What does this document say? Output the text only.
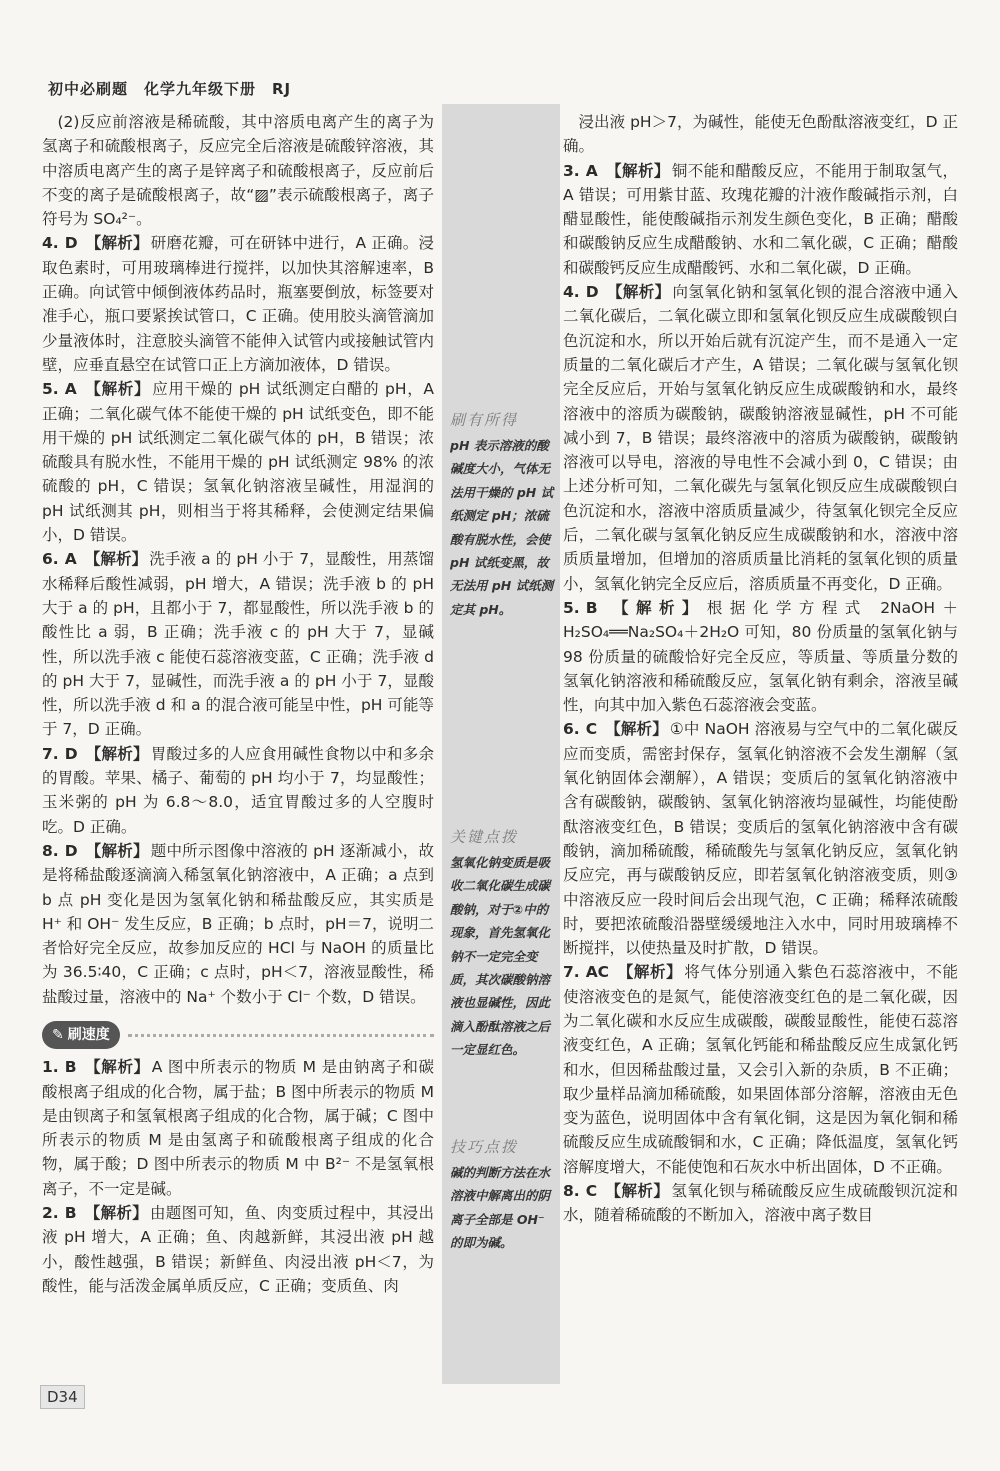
初中必刷题　化学九年级下册　RJ

(2)反应前溶液是稀硫酸，其中溶质电离产生的离子为氢离子和硫酸根离子，反应完全后溶液是硫酸锌溶液，其中溶质电离产生的离子是锌离子和硫酸根离子，反应前后不变的离子是硫酸根离子，故“▨”表示硫酸根离子，离子符号为 SO₄²⁻。

4. D 【解析】 研磨花瓣，可在研钵中进行，A 正确。浸取色素时，可用玻璃棒进行搅拌，以加快其溶解速率，B 正确。向试管中倾倒液体药品时，瓶塞要倒放，标签要对准手心，瓶口要紧挨试管口，C 正确。使用胶头滴管滴加少量液体时，注意胶头滴管不能伸入试管内或接触试管内壁，应垂直悬空在试管口正上方滴加液体，D 错误。

5. A 【解析】 应用干燥的 pH 试纸测定白醋的 pH，A 正确；二氧化碳气体不能使干燥的 pH 试纸变色，即不能用干燥的 pH 试纸测定二氧化碳气体的 pH，B 错误；浓硫酸具有脱水性，不能用干燥的 pH 试纸测定 98% 的浓硫酸的 pH，C 错误；氢氧化钠溶液呈碱性，用湿润的 pH 试纸测其 pH，则相当于将其稀释，会使测定结果偏小，D 错误。

6. A 【解析】 洗手液 a 的 pH 小于 7，显酸性，用蒸馏水稀释后酸性减弱，pH 增大，A 错误；洗手液 b 的 pH 大于 a 的 pH，且都小于 7，都显酸性，所以洗手液 b 的酸性比 a 弱，B 正确；洗手液 c 的 pH 大于 7，显碱性，所以洗手液 c 能使石蕊溶液变蓝，C 正确；洗手液 d 的 pH 大于 7，显碱性，而洗手液 a 的 pH 小于 7，显酸性，所以洗手液 d 和 a 的混合液可能呈中性，pH 可能等于 7，D 正确。

7. D 【解析】 胃酸过多的人应食用碱性食物以中和多余的胃酸。苹果、橘子、葡萄的 pH 均小于 7，均显酸性；玉米粥的 pH 为 6.8～8.0，适宜胃酸过多的人空腹时吃。D 正确。

8. D 【解析】 题中所示图像中溶液的 pH 逐渐减小，故是将稀盐酸逐滴滴入稀氢氧化钠溶液中，A 正确；a 点到 b 点 pH 变化是因为氢氧化钠和稀盐酸反应，其实质是 H⁺ 和 OH⁻ 发生反应，B 正确；b 点时，pH＝7，说明二者恰好完全反应，故参加反应的 HCl 与 NaOH 的质量比为 36.5∶40，C 正确；c 点时，pH＜7，溶液显酸性，稀盐酸过量，溶液中的 Na⁺ 个数小于 Cl⁻ 个数，D 错误。

✎ 刷速度

1. B 【解析】 A 图中所表示的物质 M 是由钠离子和碳酸根离子组成的化合物，属于盐；B 图中所表示的物质 M 是由钡离子和氢氧根离子组成的化合物，属于碱；C 图中所表示的物质 M 是由氢离子和硫酸根离子组成的化合物，属于酸；D 图中所表示的物质 M 中 B²⁻ 不是氢氧根离子，不一定是碱。

2. B 【解析】 由题图可知，鱼、肉变质过程中，其浸出液 pH 增大，A 正确；鱼、肉越新鲜，其浸出液 pH 越小，酸性越强，B 错误；新鲜鱼、肉浸出液 pH＜7，为酸性，能与活泼金属单质反应，C 正确；变质鱼、肉

刷有所得
pH 表示溶液的酸碱度大小，气体无法用干燥的 pH 试纸测定 pH；浓硫酸有脱水性，会使 pH 试纸变黑，故无法用 pH 试纸测定其 pH。
关键点拨
氢氧化钠变质是吸收二氧化碳生成碳酸钠，对于②中的现象，首先氢氧化钠不一定完全变质，其次碳酸钠溶液也显碱性，因此滴入酚酞溶液之后一定显红色。
技巧点拨
碱的判断方法在水溶液中解离出的阴离子全部是 OH⁻ 的即为碱。

浸出液 pH＞7，为碱性，能使无色酚酞溶液变红，D 正确。

3. A 【解析】 铜不能和醋酸反应，不能用于制取氢气，A 错误；可用紫甘蓝、玫瑰花瓣的汁液作酸碱指示剂，白醋显酸性，能使酸碱指示剂发生颜色变化，B 正确；醋酸和碳酸钠反应生成醋酸钠、水和二氧化碳，C 正确；醋酸和碳酸钙反应生成醋酸钙、水和二氧化碳，D 正确。

4. D 【解析】 向氢氧化钠和氢氧化钡的混合溶液中通入二氧化碳后，二氧化碳立即和氢氧化钡反应生成碳酸钡白色沉淀和水，所以开始后就有沉淀产生，而不是通入一定质量的二氧化碳后才产生，A 错误；二氧化碳与氢氧化钡完全反应后，开始与氢氧化钠反应生成碳酸钠和水，最终溶液中的溶质为碳酸钠，碳酸钠溶液显碱性，pH 不可能减小到 7，B 错误；最终溶液中的溶质为碳酸钠，碳酸钠溶液可以导电，溶液的导电性不会减小到 0，C 错误；由上述分析可知，二氧化碳先与氢氧化钡反应生成碳酸钡白色沉淀和水，溶液中溶质质量减少，待氢氧化钡完全反应后，二氧化碳与氢氧化钠反应生成碳酸钠和水，溶液中溶质质量增加，但增加的溶质质量比消耗的氢氧化钡的质量小，氢氧化钠完全反应后，溶质质量不再变化，D 正确。

5. B 【解析】 根据化学方程式 2NaOH＋H₂SO₄══Na₂SO₄＋2H₂O 可知，80 份质量的氢氧化钠与 98 份质量的硫酸恰好完全反应，等质量、等质量分数的氢氧化钠溶液和稀硫酸反应，氢氧化钠有剩余，溶液呈碱性，向其中加入紫色石蕊溶液会变蓝。

6. C 【解析】 ①中 NaOH 溶液易与空气中的二氧化碳反应而变质，需密封保存，氢氧化钠溶液不会发生潮解（氢氧化钠固体会潮解），A 错误；变质后的氢氧化钠溶液中含有碳酸钠，碳酸钠、氢氧化钠溶液均显碱性，均能使酚酞溶液变红色，B 错误；变质后的氢氧化钠溶液中含有碳酸钠，滴加稀硫酸，稀硫酸先与氢氧化钠反应，氢氧化钠反应完，再与碳酸钠反应，即若氢氧化钠溶液变质，则③中溶液反应一段时间后会出现气泡，C 正确；稀释浓硫酸时，要把浓硫酸沿器壁缓缓地注入水中，同时用玻璃棒不断搅拌，以使热量及时扩散，D 错误。

7. AC 【解析】 将气体分别通入紫色石蕊溶液中，不能使溶液变色的是氮气，能使溶液变红色的是二氧化碳，因为二氧化碳和水反应生成碳酸，碳酸显酸性，能使石蕊溶液变红色，A 正确；氢氧化钙能和稀盐酸反应生成氯化钙和水，但因稀盐酸过量，又会引入新的杂质，B 不正确；取少量样品滴加稀硫酸，如果固体部分溶解，溶液由无色变为蓝色，说明固体中含有氧化铜，这是因为氧化铜和稀硫酸反应生成硫酸铜和水，C 正确；降低温度，氢氧化钙溶解度增大，不能使饱和石灰水中析出固体，D 不正确。

8. C 【解析】 氢氧化钡与稀硫酸反应生成硫酸钡沉淀和水，随着稀硫酸的不断加入，溶液中离子数目

D34
